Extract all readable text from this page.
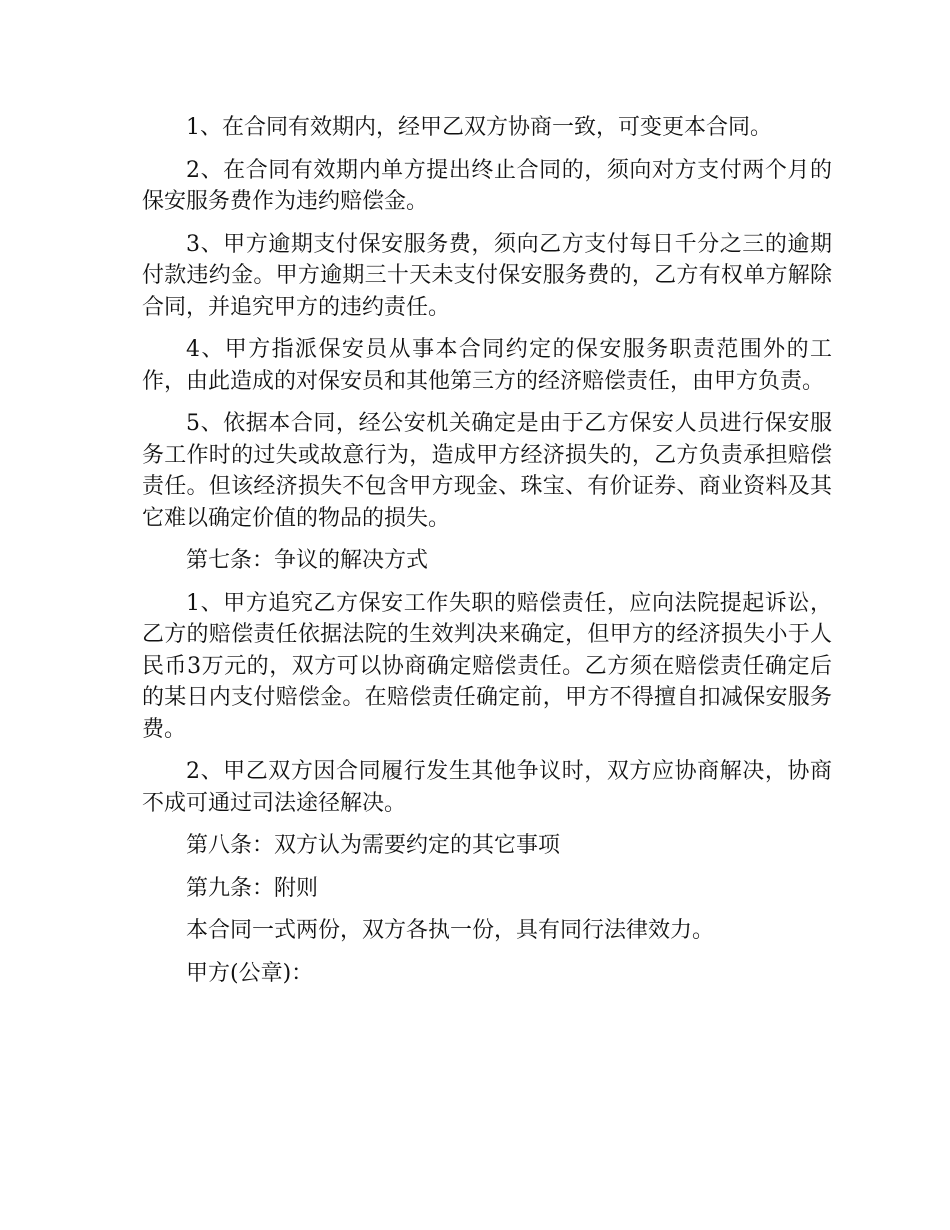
1、在合同有效期内，经甲乙双方协商一致，可变更本合同。

2、在合同有效期内单方提出终止合同的，须向对方支付两个月的保安服务费作为违约赔偿金。

3、甲方逾期支付保安服务费，须向乙方支付每日千分之三的逾期付款违约金。甲方逾期三十天未支付保安服务费的，乙方有权单方解除合同，并追究甲方的违约责任。

4、甲方指派保安员从事本合同约定的保安服务职责范围外的工作，由此造成的对保安员和其他第三方的经济赔偿责任，由甲方负责。

5、依据本合同，经公安机关确定是由于乙方保安人员进行保安服务工作时的过失或故意行为，造成甲方经济损失的，乙方负责承担赔偿责任。但该经济损失不包含甲方现金、珠宝、有价证券、商业资料及其它难以确定价值的物品的损失。

第七条：争议的解决方式

1、甲方追究乙方保安工作失职的赔偿责任，应向法院提起诉讼，乙方的赔偿责任依据法院的生效判决来确定，但甲方的经济损失小于人民币3万元的，双方可以协商确定赔偿责任。乙方须在赔偿责任确定后的某日内支付赔偿金。在赔偿责任确定前，甲方不得擅自扣减保安服务费。

2、甲乙双方因合同履行发生其他争议时，双方应协商解决，协商不成可通过司法途径解决。

第八条：双方认为需要约定的其它事项

第九条：附则

本合同一式两份，双方各执一份，具有同行法律效力。

甲方(公章)：
